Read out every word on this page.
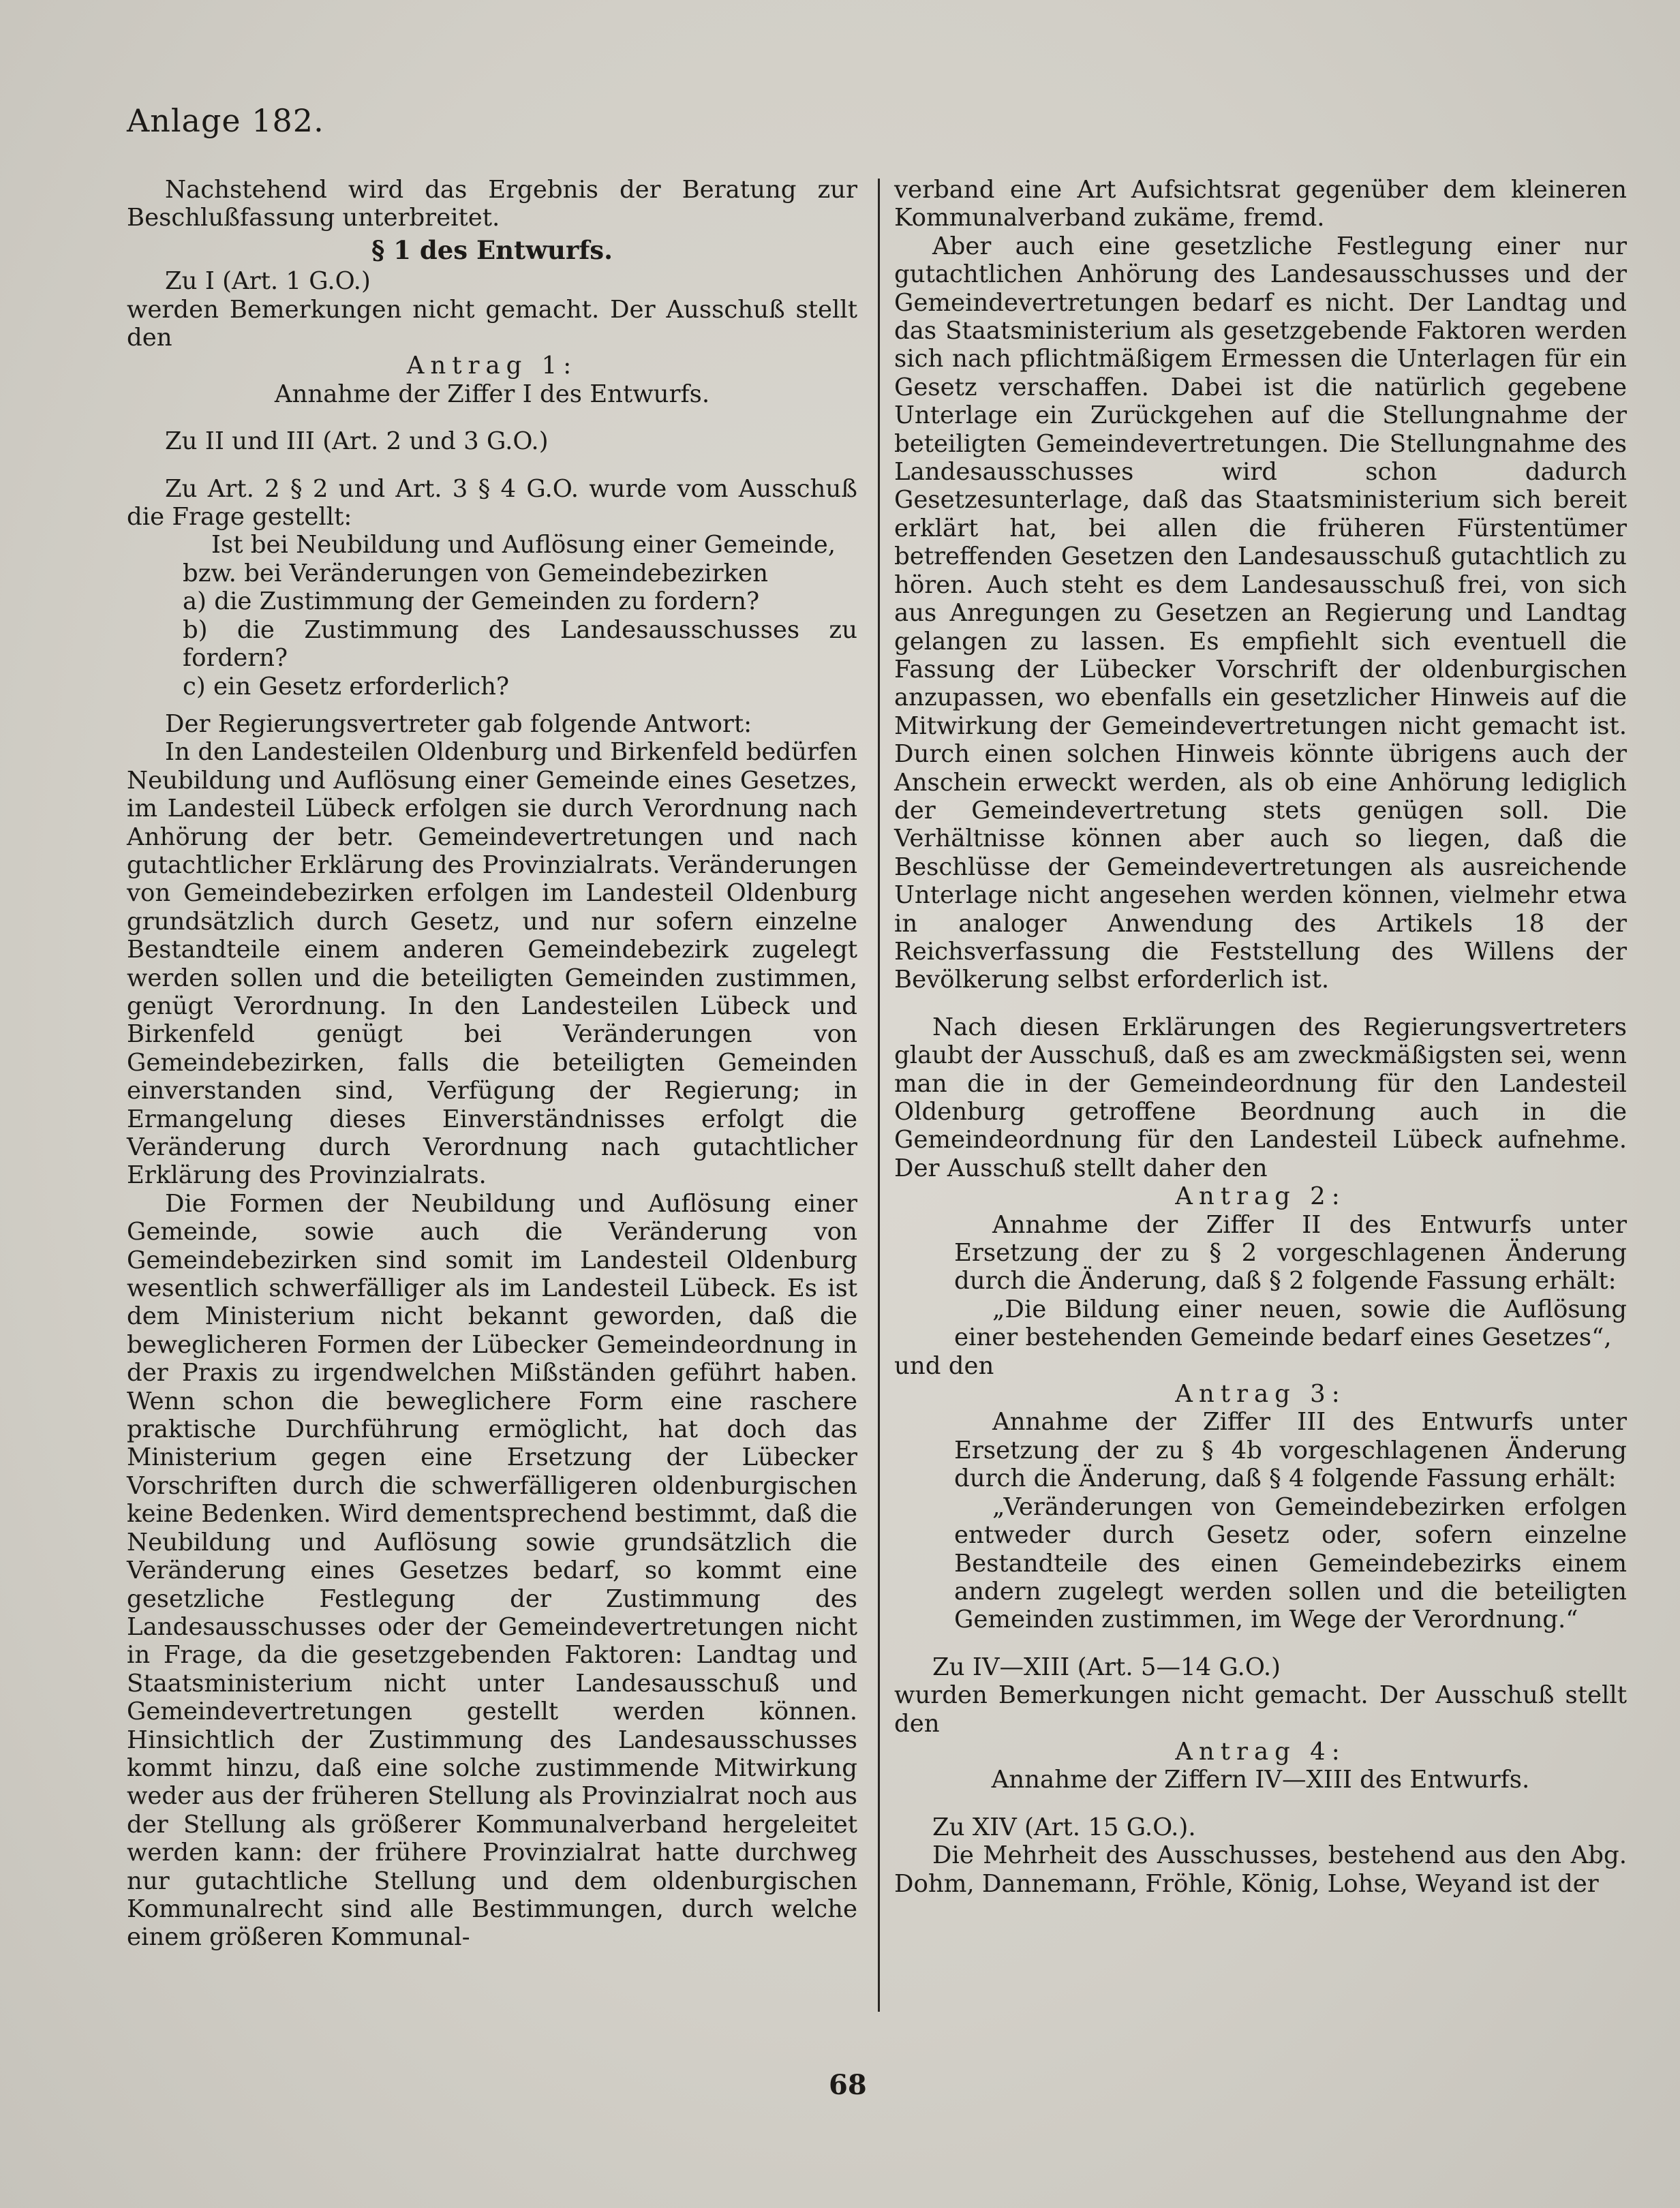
Anlage 182.

Nachstehend wird das Ergebnis der Beratung zur Beschlußfassung unterbreitet.

§ 1 des Entwurfs.

Zu I (Art. 1 G.O.)

werden Bemerkungen nicht gemacht. Der Ausschuß stellt den

Antrag 1:

Annahme der Ziffer I des Entwurfs.

Zu II und III (Art. 2 und 3 G.O.)

Zu Art. 2 § 2 und Art. 3 § 4 G.O. wurde vom Ausschuß die Frage gestellt:

Ist bei Neubildung und Auflösung einer Gemeinde,

bzw. bei Veränderungen von Gemeindebezirken

a) die Zustimmung der Gemeinden zu fordern?

b) die Zustimmung des Landesausschusses zu fordern?

c) ein Gesetz erforderlich?

Der Regierungsvertreter gab folgende Antwort:

In den Landesteilen Oldenburg und Birkenfeld bedürfen Neubildung und Auflösung einer Gemeinde eines Gesetzes, im Landesteil Lübeck erfolgen sie durch Verordnung nach Anhörung der betr. Gemeindevertretungen und nach gutachtlicher Erklärung des Provinzialrats. Veränderungen von Gemeindebezirken erfolgen im Landesteil Oldenburg grundsätzlich durch Gesetz, und nur sofern einzelne Bestandteile einem anderen Gemeindebezirk zugelegt werden sollen und die beteiligten Gemeinden zustimmen, genügt Verordnung. In den Landesteilen Lübeck und Birkenfeld genügt bei Veränderungen von Gemeindebezirken, falls die beteiligten Gemeinden einverstanden sind, Verfügung der Regierung; in Ermangelung dieses Einverständnisses erfolgt die Veränderung durch Verordnung nach gutachtlicher Erklärung des Provinzialrats.

Die Formen der Neubildung und Auflösung einer Gemeinde, sowie auch die Veränderung von Gemeindebezirken sind somit im Landesteil Oldenburg wesentlich schwerfälliger als im Landesteil Lübeck. Es ist dem Ministerium nicht bekannt geworden, daß die beweglicheren Formen der Lübecker Gemeindeordnung in der Praxis zu irgendwelchen Mißständen geführt haben. Wenn schon die beweglichere Form eine raschere praktische Durchführung ermöglicht, hat doch das Ministerium gegen eine Ersetzung der Lübecker Vorschriften durch die schwerfälligeren oldenburgischen keine Bedenken. Wird dementsprechend bestimmt, daß die Neubildung und Auflösung sowie grundsätzlich die Veränderung eines Gesetzes bedarf, so kommt eine gesetzliche Festlegung der Zustimmung des Landesausschusses oder der Gemeindevertretungen nicht in Frage, da die gesetzgebenden Faktoren: Landtag und Staatsministerium nicht unter Landesausschuß und Gemeindevertretungen gestellt werden können. Hinsichtlich der Zustimmung des Landesausschusses kommt hinzu, daß eine solche zustimmende Mitwirkung weder aus der früheren Stellung als Provinzialrat noch aus der Stellung als größerer Kommunalverband hergeleitet werden kann: der frühere Provinzialrat hatte durchweg nur gutachtliche Stellung und dem oldenburgischen Kommunalrecht sind alle Bestimmungen, durch welche einem größeren Kommunal-

verband eine Art Aufsichtsrat gegenüber dem kleineren Kommunalverband zukäme, fremd.

Aber auch eine gesetzliche Festlegung einer nur gutachtlichen Anhörung des Landesausschusses und der Gemeindevertretungen bedarf es nicht. Der Landtag und das Staatsministerium als gesetzgebende Faktoren werden sich nach pflichtmäßigem Ermessen die Unterlagen für ein Gesetz verschaffen. Dabei ist die natürlich gegebene Unterlage ein Zurückgehen auf die Stellungnahme der beteiligten Gemeindevertretungen. Die Stellungnahme des Landesausschusses wird schon dadurch Gesetzesunterlage, daß das Staatsministerium sich bereit erklärt hat, bei allen die früheren Fürstentümer betreffenden Gesetzen den Landesausschuß gutachtlich zu hören. Auch steht es dem Landesausschuß frei, von sich aus Anregungen zu Gesetzen an Regierung und Landtag gelangen zu lassen. Es empfiehlt sich eventuell die Fassung der Lübecker Vorschrift der oldenburgischen anzupassen, wo ebenfalls ein gesetzlicher Hinweis auf die Mitwirkung der Gemeindevertretungen nicht gemacht ist. Durch einen solchen Hinweis könnte übrigens auch der Anschein erweckt werden, als ob eine Anhörung lediglich der Gemeindevertretung stets genügen soll. Die Verhältnisse können aber auch so liegen, daß die Beschlüsse der Gemeindevertretungen als ausreichende Unterlage nicht angesehen werden können, vielmehr etwa in analoger Anwendung des Artikels 18 der Reichsverfassung die Feststellung des Willens der Bevölkerung selbst erforderlich ist.

Nach diesen Erklärungen des Regierungsvertreters glaubt der Ausschuß, daß es am zweckmäßigsten sei, wenn man die in der Gemeindeordnung für den Landesteil Oldenburg getroffene Beordnung auch in die Gemeindeordnung für den Landesteil Lübeck aufnehme. Der Ausschuß stellt daher den

Antrag 2:

Annahme der Ziffer II des Entwurfs unter Ersetzung der zu § 2 vorgeschlagenen Änderung durch die Änderung, daß § 2 folgende Fassung erhält:

„Die Bildung einer neuen, sowie die Auflösung einer bestehenden Gemeinde bedarf eines Gesetzes“,

und den

Antrag 3:

Annahme der Ziffer III des Entwurfs unter Ersetzung der zu § 4b vorgeschlagenen Änderung durch die Änderung, daß § 4 folgende Fassung erhält:

„Veränderungen von Gemeindebezirken erfolgen entweder durch Gesetz oder, sofern einzelne Bestandteile des einen Gemeindebezirks einem andern zugelegt werden sollen und die beteiligten Gemeinden zustimmen, im Wege der Verordnung.“

Zu IV—XIII (Art. 5—14 G.O.)

wurden Bemerkungen nicht gemacht. Der Ausschuß stellt den

Antrag 4:

Annahme der Ziffern IV—XIII des Entwurfs.

Zu XIV (Art. 15 G.O.).

Die Mehrheit des Ausschusses, bestehend aus den Abg. Dohm, Dannemann, Fröhle, König, Lohse, Weyand ist der

68
